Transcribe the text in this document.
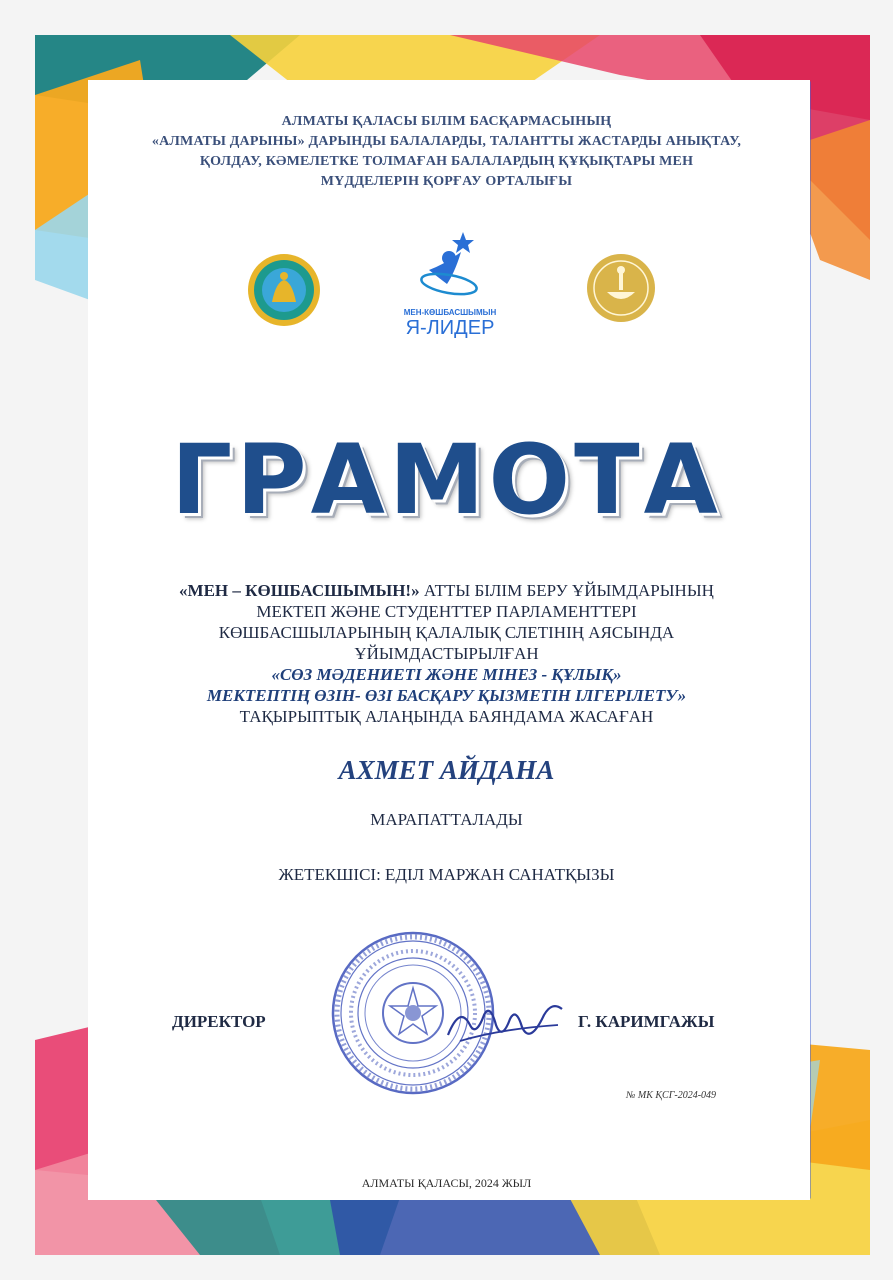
АЛМАТЫ ҚАЛАСЫ БІЛІМ БАСҚАРМАСЫНЫҢ
«АЛМАТЫ ДАРЫНЫ» ДАРЫНДЫ БАЛАЛАРДЫ, ТАЛАНТТЫ ЖАСТАРДЫ АНЫҚТАУ,
ҚОЛДАУ, КӘМЕЛЕТКЕ ТОЛМАҒАН БАЛАЛАРДЫҢ ҚҰҚЫҚТАРЫ МЕН
МҮДДЕЛЕРІН ҚОРҒАУ ОРТАЛЫҒЫ
МЕН-КӨШБАСШЫМЫН
Я-ЛИДЕР
ГРАМОТА
«МЕН – КӨШБАСШЫМЫН!» АТТЫ БІЛІМ БЕРУ ҰЙЫМДАРЫНЫҢ
МЕКТЕП ЖӘНЕ СТУДЕНТТЕР ПАРЛАМЕНТТЕРІ
КӨШБАСШЫЛАРЫНЫҢ ҚАЛАЛЫҚ СЛЕТІНІҢ АЯСЫНДА
ҰЙЫМДАСТЫРЫЛҒАН
«СӨЗ МӘДЕНИЕТІ ЖӘНЕ МІНЕЗ - ҚҰЛЫҚ»
МЕКТЕПТІҢ ӨЗІН- ӨЗІ БАСҚАРУ ҚЫЗМЕТІН ІЛГЕРІЛЕТУ»
ТАҚЫРЫПТЫҚ АЛАҢЫНДА БАЯНДАМА ЖАСАҒАН
АХМЕТ АЙДАНА
МАРАПАТТАЛАДЫ
ЖЕТЕКШІСІ: ЕДІЛ МАРЖАН САНАТҚЫЗЫ
ДИРЕКТОР	Г. КАРИМГАЖЫ
№ МК ҚСГ-2024-049
АЛМАТЫ ҚАЛАСЫ, 2024 ЖЫЛ
